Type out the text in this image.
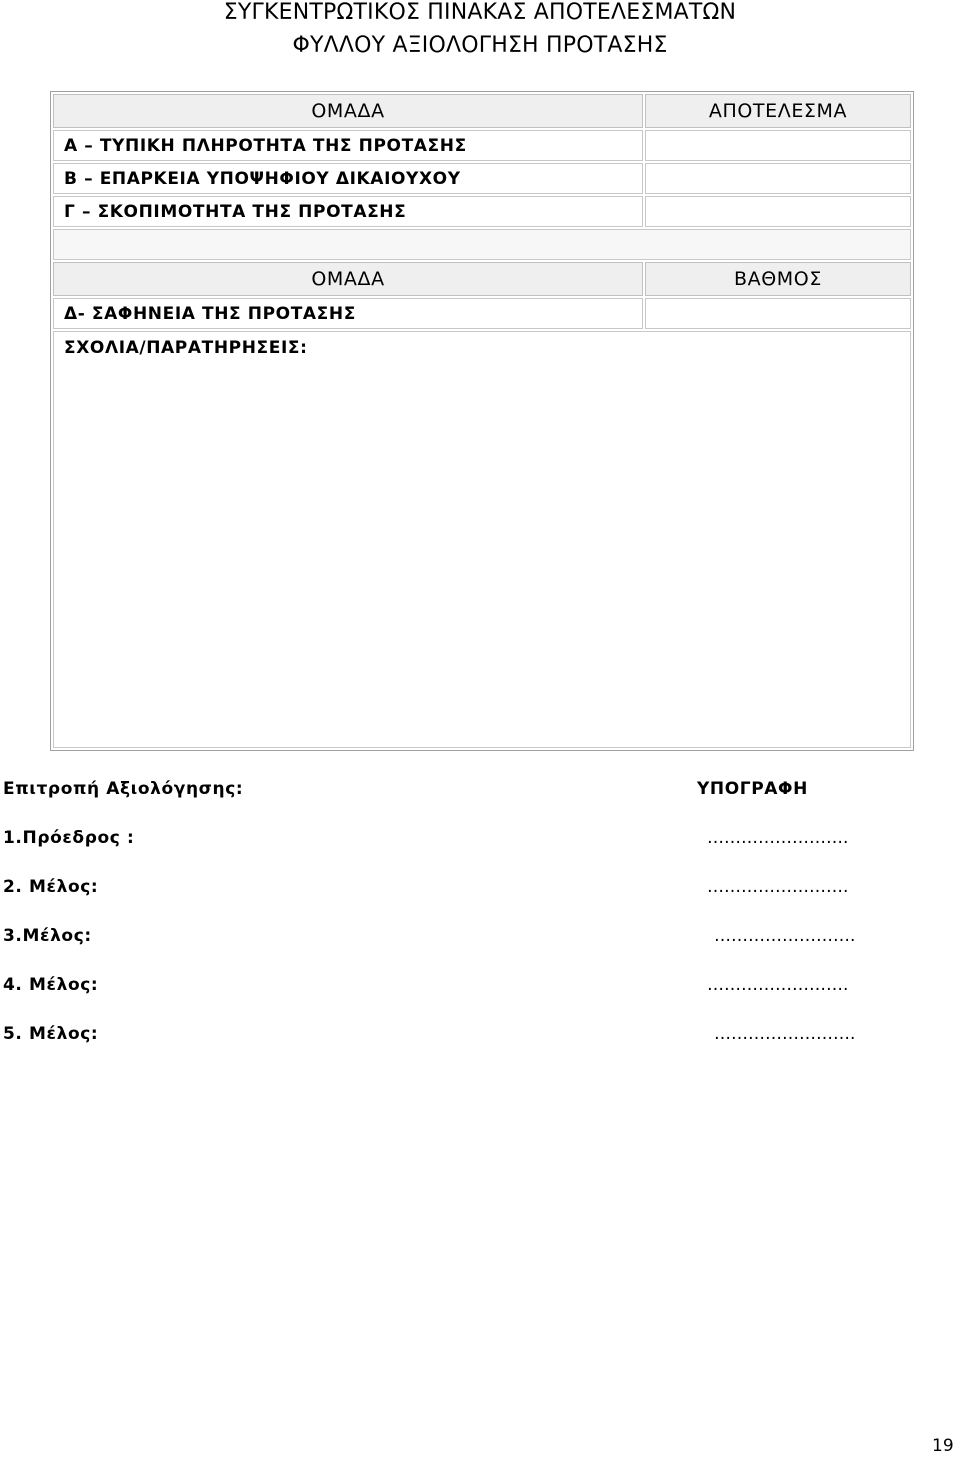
ΣΥΓΚΕΝΤΡΩΤΙΚΟΣ ΠΙΝΑΚΑΣ ΑΠΟΤΕΛΕΣΜΑΤΩΝ
ΦΥΛΛΟΥ ΑΞΙΟΛΟΓΗΣΗ ΠΡΟΤΑΣΗΣ
ΟΜΑΔΑ	ΑΠΟΤΕΛΕΣΜΑ
Α – ΤΥΠΙΚΗ ΠΛΗΡΟΤΗΤΑ ΤΗΣ ΠΡΟΤΑΣΗΣ	
Β – ΕΠΑΡΚΕΙΑ ΥΠΟΨΗΦΙΟΥ ΔΙΚΑΙΟΥΧΟΥ	
Γ – ΣΚΟΠΙΜΟΤΗΤΑ ΤΗΣ ΠΡΟΤΑΣΗΣ	

ΟΜΑΔΑ	ΒΑΘΜΟΣ
Δ- ΣΑΦΗΝΕΙΑ ΤΗΣ ΠΡΟΤΑΣΗΣ	

ΣΧΟΛΙΑ/ΠΑΡΑΤΗΡΗΣΕΙΣ:	

Επιτροπή Αξιολόγησης:	ΥΠΟΓΡΑΦΗ

1.Πρόεδρος :	…………………….
2. Μέλος:	…………………….
3.Μέλος:	…………………….
4. Μέλος:	…………………….
5. Μέλος:	…………………….

19
